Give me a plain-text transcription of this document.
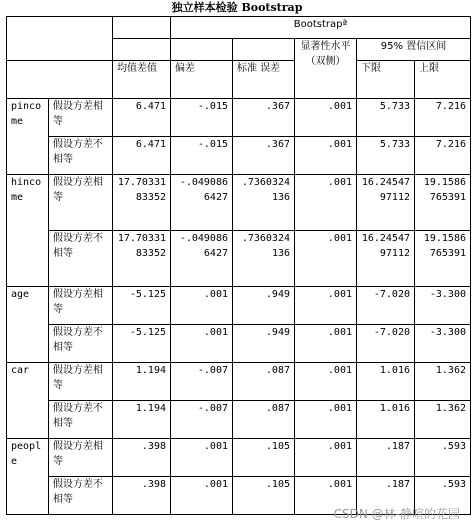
独立样本检验 Bootstrap
			Bootstrapª				
					显著性水平（双侧）	95% 置信区间	
		均值差值	偏差	标准 误差		下限	上限
pincome	假设方差相等	6.471	-.015	.367	.001	5.733	7.216
	假设方差不相等	6.471	-.015	.367	.001	5.733	7.216
hincome	假设方差相等	17.7033183352	-.0490866427	.7360324136	.001	16.2454797112	19.1586765391
	假设方差不相等	17.7033183352	-.0490866427	.7360324136	.001	16.2454797112	19.1586765391
age	假设方差相等	-5.125	.001	.949	.001	-7.020	-3.300
	假设方差不相等	-5.125	.001	.949	.001	-7.020	-3.300
car	假设方差相等	1.194	-.007	.087	.001	1.016	1.362
	假设方差不相等	1.194	-.007	.087	.001	1.016	1.362
people	假设方差相等	.398	.001	.105	.001	.187	.593
	假设方差不相等	.398	.001	.105	.001	.187	.593
CSDN @林-静喧的花园
